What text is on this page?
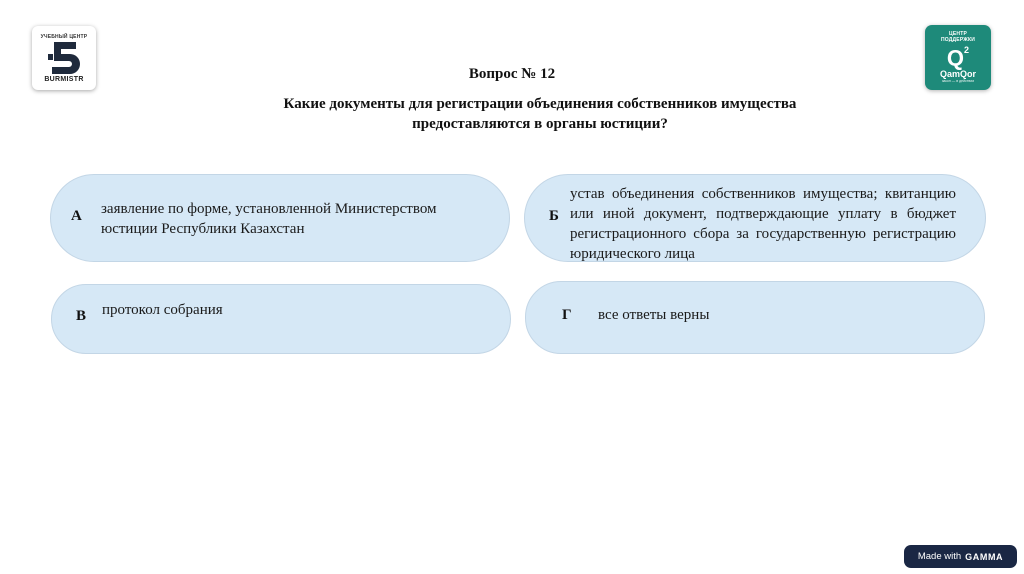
УЧЕБНЫЙ ЦЕНТР
BURMISTR
ЦЕНТР
ПОДДЕРЖКИ
$Q^2$
QamQor
закон — в действии
Вопрос № 12
Какие документы для регистрации объединения собственников имущества предоставляются в органы юстиции?
А заявление по форме, установленной Министерством юстиции Республики Казахстан
Б
устав объединения собственников имущества; квитанцию или иной документ, подтверждающие уплату в бюджет регистрационного сбора за государственную регистрацию юридического лица
В протокол собрания	Г все ответы верны
Made with GAMMA
